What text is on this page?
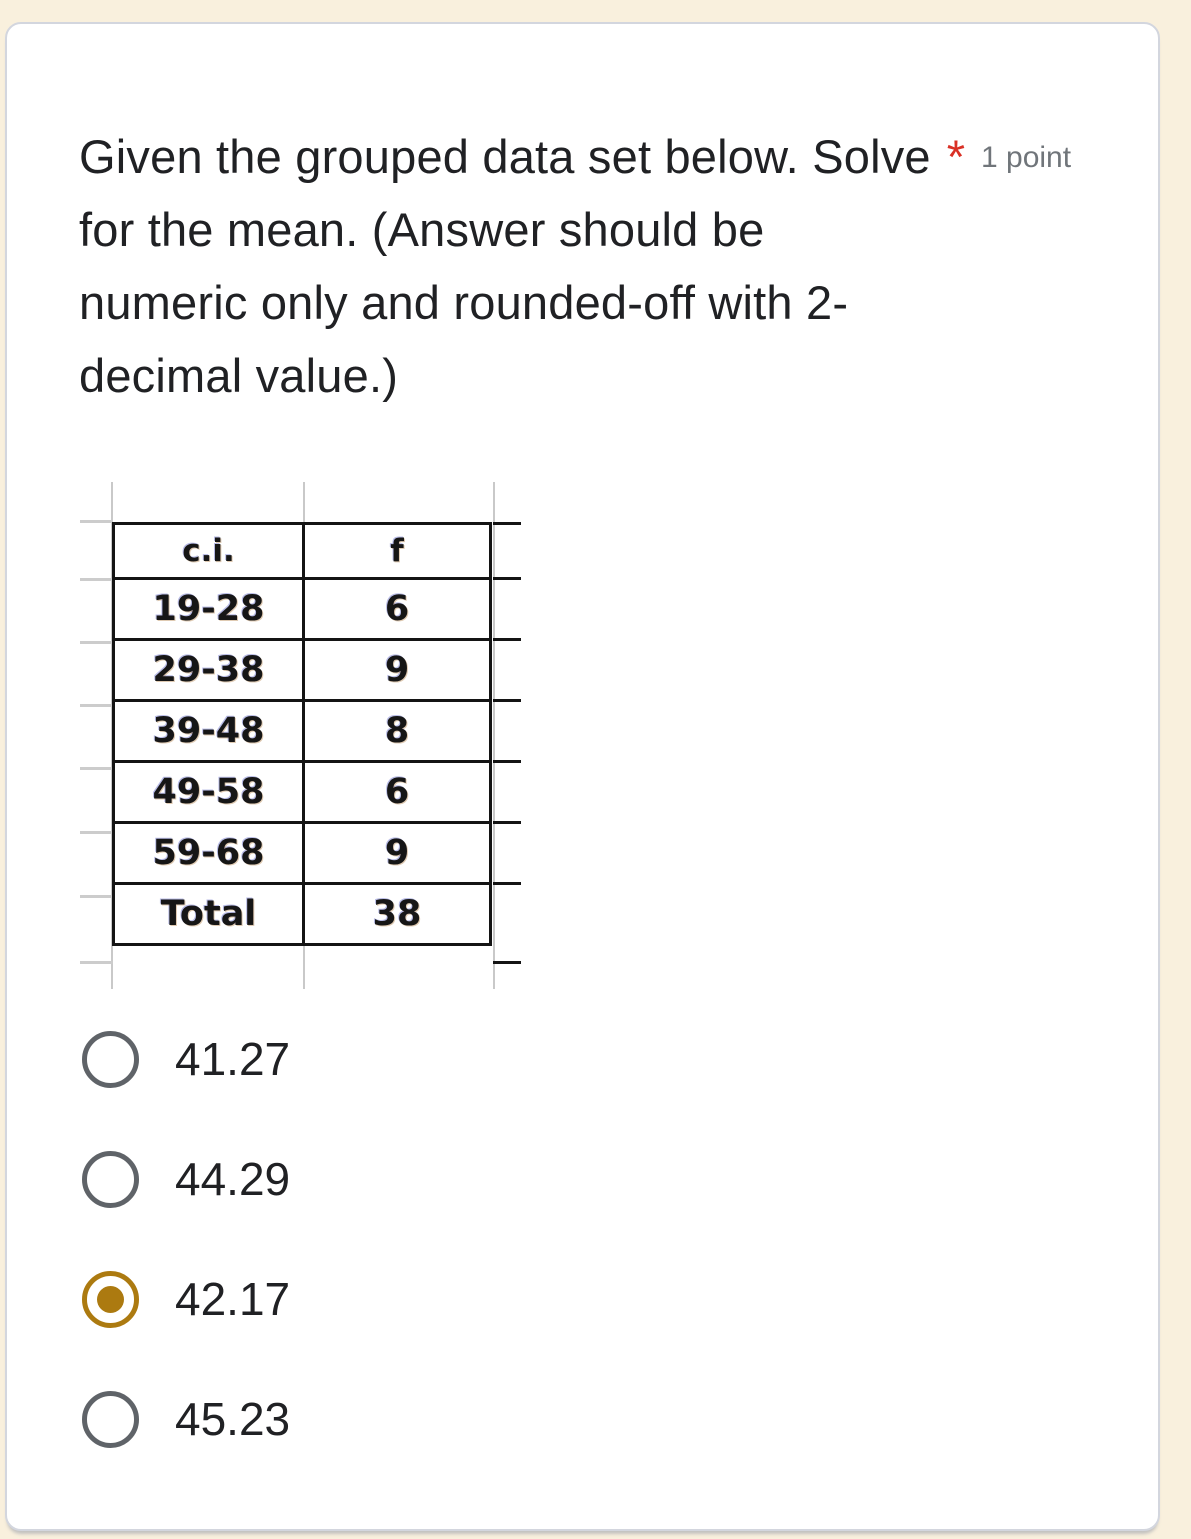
Given the grouped data set below. Solve *
for the mean. (Answer should be
numeric only and rounded-off with 2-
decimal value.)
1 point
c.i.	f
19-28	6
29-38	9
39-48	8
49-58	6
59-68	9
Total	38
41.27
44.29
42.17
45.23
